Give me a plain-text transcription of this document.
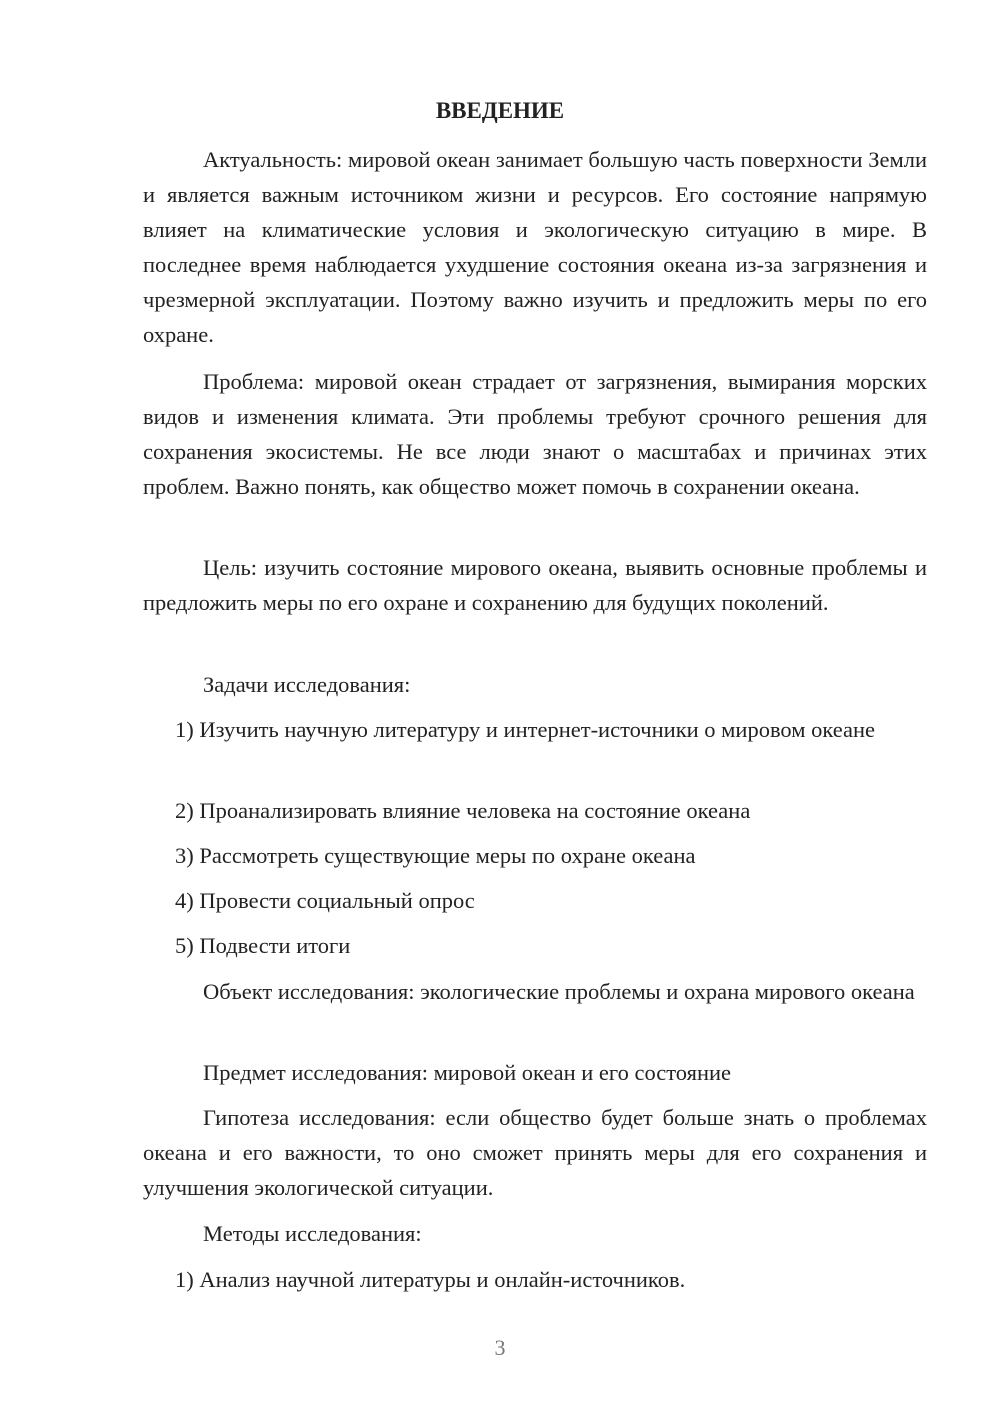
ВВЕДЕНИЕ

Актуальность: мировой океан занимает большую часть поверхности Земли и является важным источником жизни и ресурсов. Его состояние напрямую влияет на климатические условия и экологическую ситуацию в мире. В последнее время наблюдается ухудшение состояния океана из-за загрязнения и чрезмерной эксплуатации. Поэтому важно изучить и предложить меры по его охране.

Проблема: мировой океан страдает от загрязнения, вымирания морских видов и изменения климата. Эти проблемы требуют срочного решения для сохранения экосистемы. Не все люди знают о масштабах и причинах этих проблем. Важно понять, как общество может помочь в сохранении океана.

Цель: изучить состояние мирового океана, выявить основные проблемы и предложить меры по его охране и сохранению для будущих поколений.

Задачи исследования:

1) Изучить научную литературу и интернет-источники о мировом океане

2) Проанализировать влияние человека на состояние океана

3) Рассмотреть существующие меры по охране океана

4) Провести социальный опрос

5) Подвести итоги

Объект исследования: экологические проблемы и охрана мирового океана

Предмет исследования: мировой океан и его состояние

Гипотеза исследования: если общество будет больше знать о проблемах океана и его важности, то оно сможет принять меры для его сохранения и улучшения экологической ситуации.

Методы исследования:

1) Анализ научной литературы и онлайн-источников.

3
